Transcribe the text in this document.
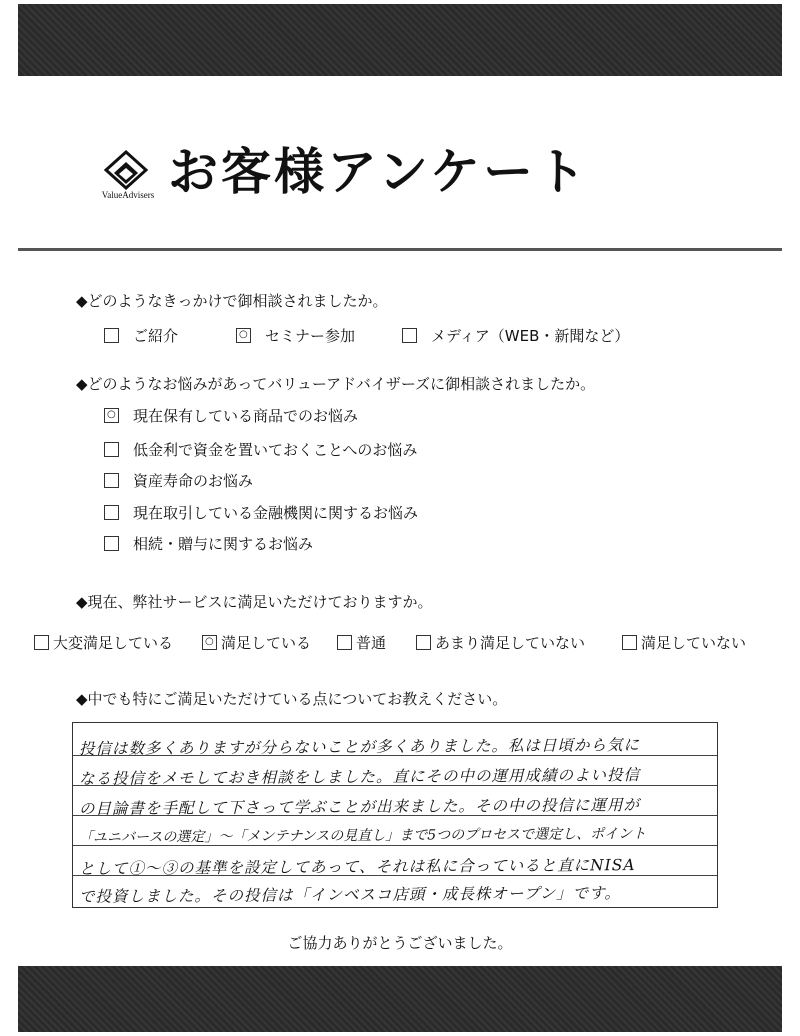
ValueAdvisers お客様アンケート
◆どのようなきっかけで御相談されましたか。
ご紹介	○ セミナー参加	メディア（WEB・新聞など）
◆どのようなお悩みがあってバリューアドバイザーズに御相談されましたか。
○ 現在保有している商品でのお悩み
低金利で資金を置いておくことへのお悩み
資産寿命のお悩み
現在取引している金融機関に関するお悩み
相続・贈与に関するお悩み
◆現在、弊社サービスに満足いただけておりますか。
大変満足している	○ 満足している	普通	あまり満足していない	満足していない
◆中でも特にご満足いただけている点についてお教えください。
投信は数多くありますが分らないことが多くありました。私は日頃から気に
なる投信をメモしておき相談をしました。直にその中の運用成績のよい投信
の目論書を手配して下さって学ぶことが出来ました。その中の投信に運用が
「ユニバースの選定」～「メンテナンスの見直し」まで5つのプロセスで選定し、ポイント
として①～③の基準を設定してあって、それは私に合っていると直にNISA
で投資しました。その投信は「インベスコ店頭・成長株オープン」です。
ご協力ありがとうございました。
